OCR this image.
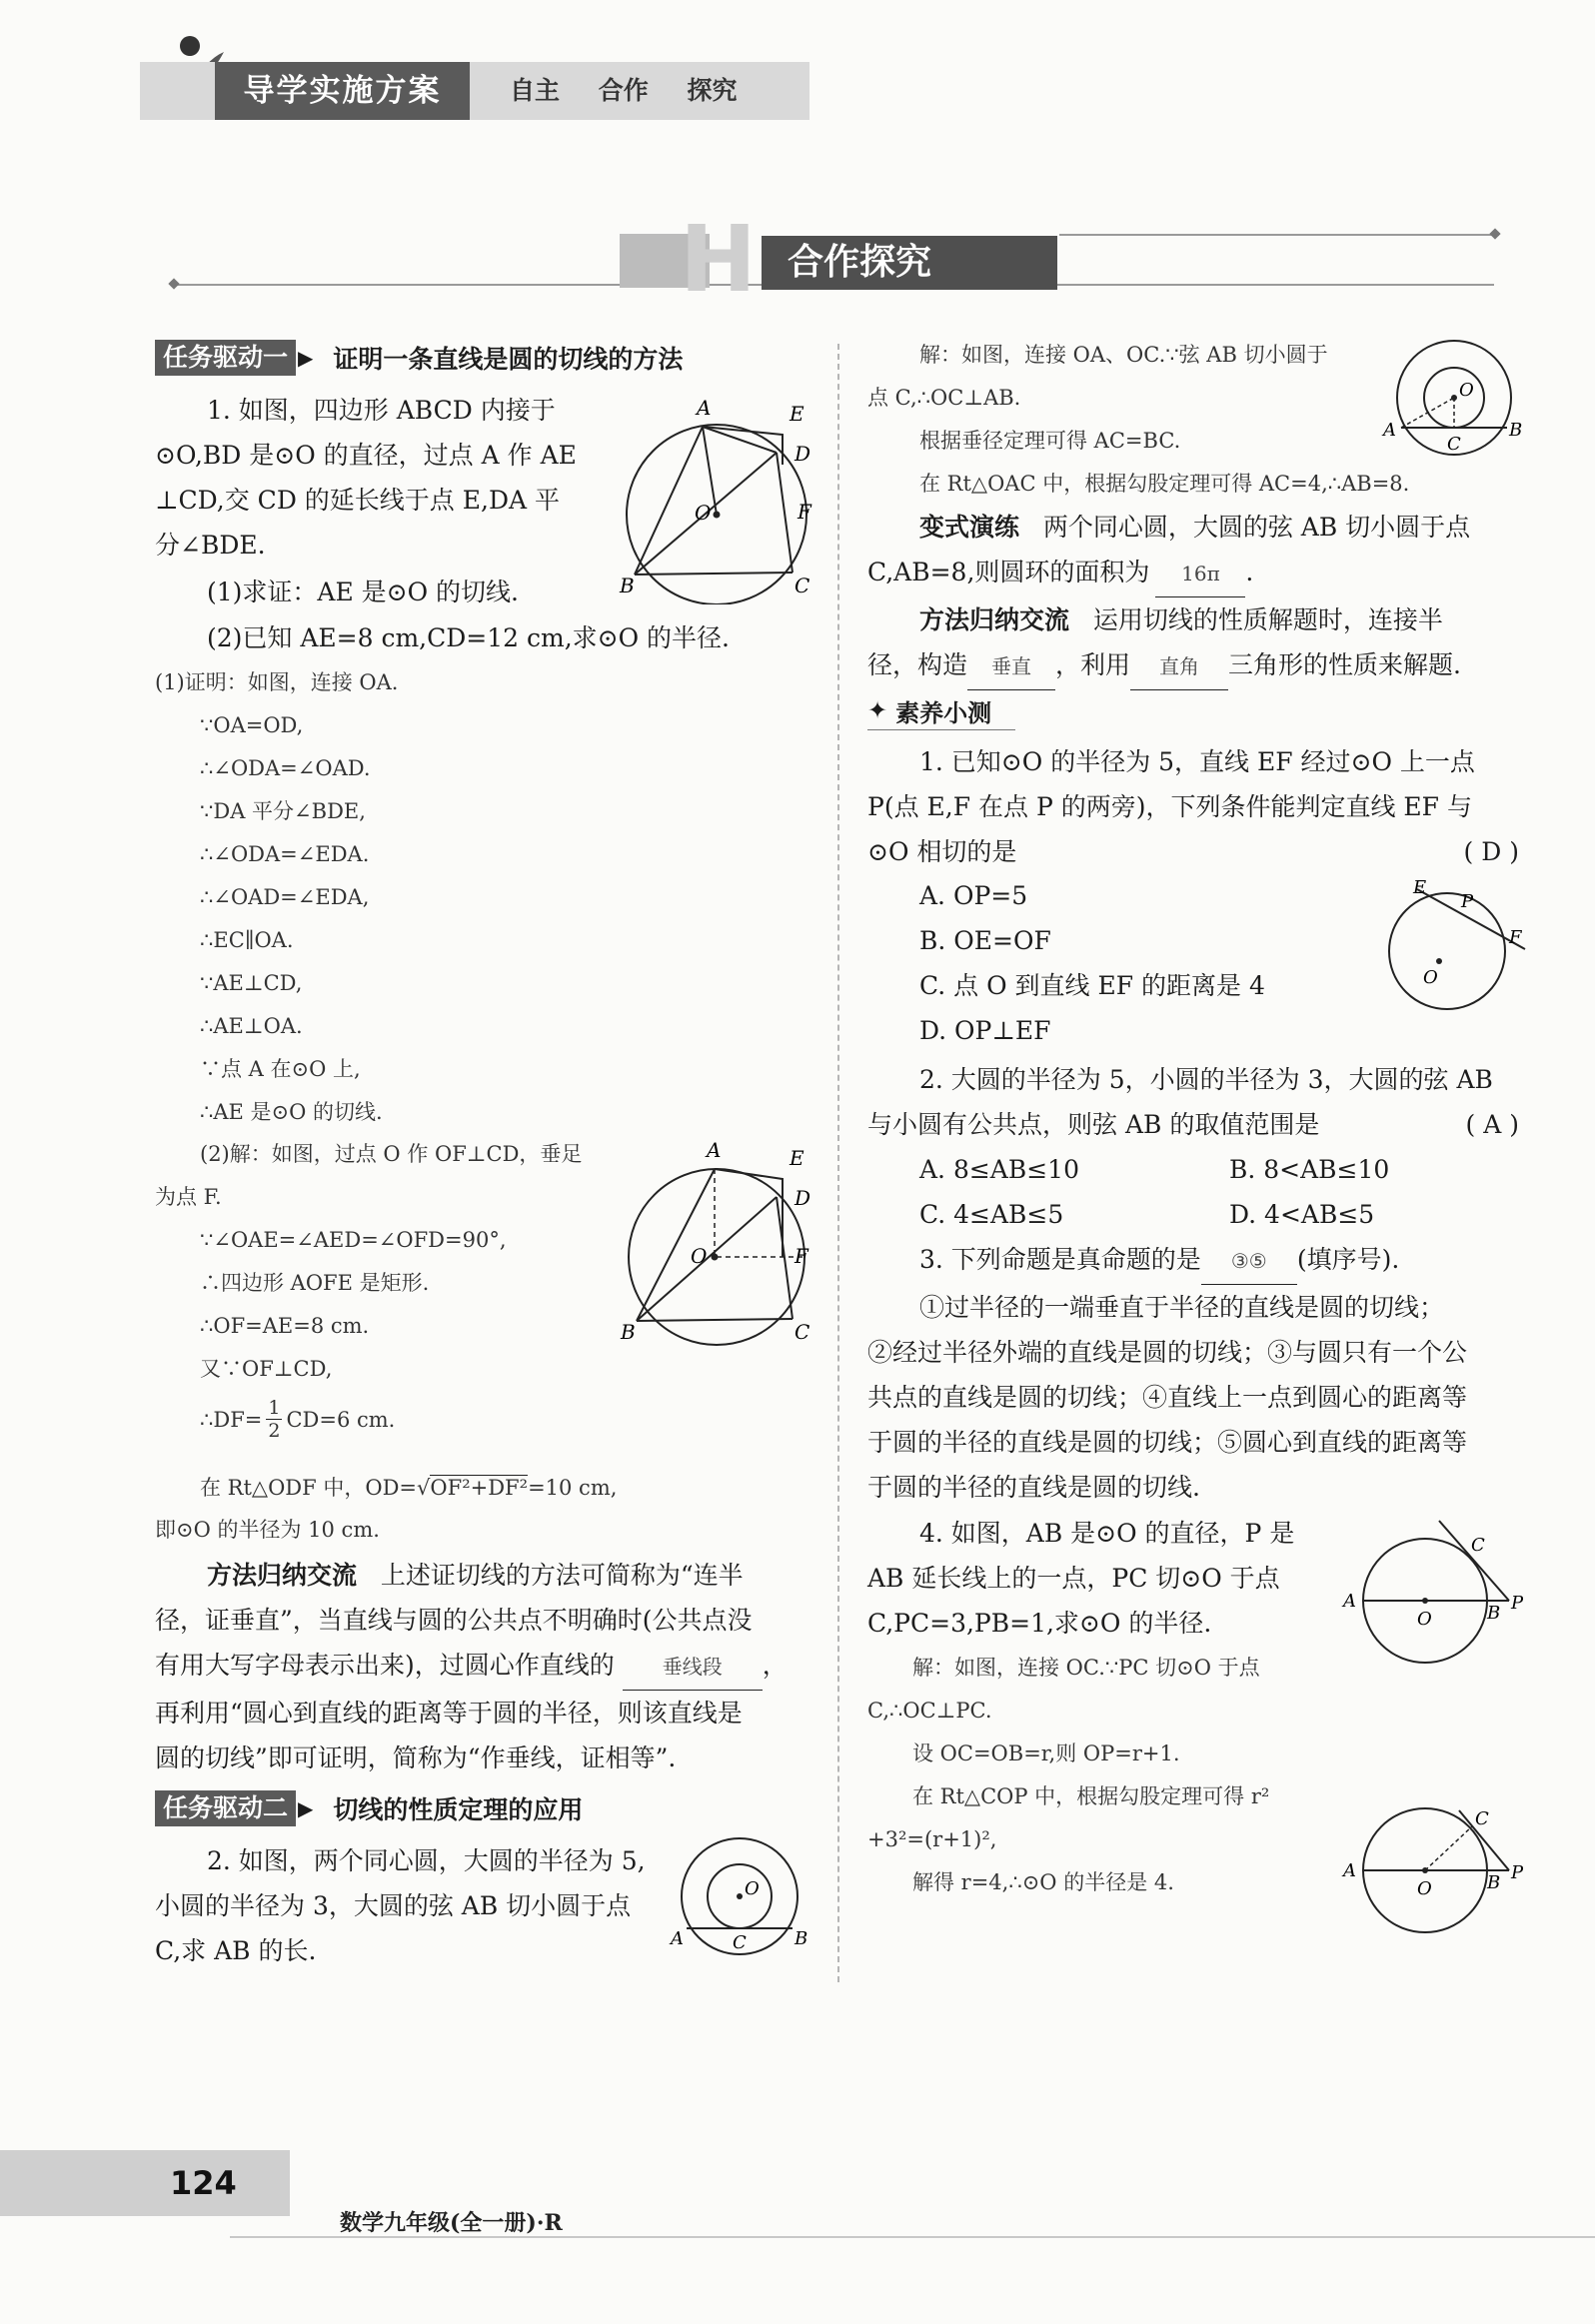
导学实施方案	自主 合作 探究
H 合作探究
任务驱动一 ▶ 证明一条直线是圆的切线的方法
1. 如图，四边形 ABCD 内接于
⊙O,BD 是⊙O 的直径，过点 A 作 AE
⊥CD,交 CD 的延长线于点 E,DA 平
分∠BDE.
(1)求证：AE 是⊙O 的切线.
(2)已知 AE=8 cm,CD=12 cm,求⊙O 的半径.
A	E
D
F
O
B	C
(1)证明：如图，连接 OA.
∵OA=OD,
∴∠ODA=∠OAD.
∵DA 平分∠BDE,
∴∠ODA=∠EDA.
∴∠OAD=∠EDA,
∴EC∥OA.
∵AE⊥CD,
∴AE⊥OA.
∵点 A 在⊙O 上,
∴AE 是⊙O 的切线.
(2)解：如图，过点 O 作 OF⊥CD，垂足
为点 F.
∵∠OAE=∠AED=∠OFD=90°,
∴四边形 AOFE 是矩形.
∴OF=AE=8 cm.
又∵OF⊥CD,
∴DF= $\frac{1}{2} CD=6$ cm.
在 Rt△ODF 中，OD=√OF²+DF²=10 cm,
即⊙O 的半径为 10 cm.
A	E
D
F
O
B	C
方法归纳交流 上述证切线的方法可简称为“连半
径，证垂直”，当直线与圆的公共点不明确时(公共点没
有用大写字母表示出来)，过圆心作直线的 垂线段 ，
再利用“圆心到直线的距离等于圆的半径，则该直线是
圆的切线”即可证明，简称为“作垂线，证相等”.
任务驱动二 ▶ 切线的性质定理的应用
2. 如图，两个同心圆，大圆的半径为 5,
小圆的半径为 3，大圆的弦 AB 切小圆于点
C,求 AB 的长.
O
A	C	B
解：如图，连接 OA、OC.∵弦 AB 切小圆于
点 C,∴OC⊥AB.
根据垂径定理可得 AC=BC.
在 Rt△OAC 中，根据勾股定理可得 AC=4,∴AB=8.
O
A
C
B
变式演练 两个同心圆，大圆的弦 AB 切小圆于点
C,AB=8,则圆环的面积为 16π .
方法归纳交流 运用切线的性质解题时，连接半
径，构造 垂直 ，利用 直角 三角形的性质来解题.
✦ 素养小测
1. 已知⊙O 的半径为 5，直线 EF 经过⊙O 上一点
P(点 E,F 在点 P 的两旁)，下列条件能判定直线 EF 与
⊙O 相切的是	( D )
A. OP=5
B. OE=OF
C. 点 O 到直线 EF 的距离是 4
D. OP⊥EF
E
P
F
O
2. 大圆的半径为 5，小圆的半径为 3，大圆的弦 AB
与小圆有公共点，则弦 AB 的取值范围是	( A )
A. 8≤AB≤10	B. 8<AB≤10
C. 4≤AB≤5	D. 4<AB≤5
3. 下列命题是真命题的是 ③⑤ (填序号).
①过半径的一端垂直于半径的直线是圆的切线；
②经过半径外端的直线是圆的切线；③与圆只有一个公
共点的直线是圆的切线；④直线上一点到圆心的距离等
于圆的半径的直线是圆的切线；⑤圆心到直线的距离等
于圆的半径的直线是圆的切线.
4. 如图，AB 是⊙O 的直径，P 是
AB 延长线上的一点，PC 切⊙O 于点
C,PC=3,PB=1,求⊙O 的半径.
A
O	B
C
P
解：如图，连接 OC.∵PC 切⊙O 于点
C,∴OC⊥PC.
设 OC=OB=r,则 OP=r+1.
在 Rt△COP 中，根据勾股定理可得 r²
+3²=(r+1)²,
解得 r=4,∴⊙O 的半径是 4.	A
O	B
C
P
124
数学九年级(全一册)·R
